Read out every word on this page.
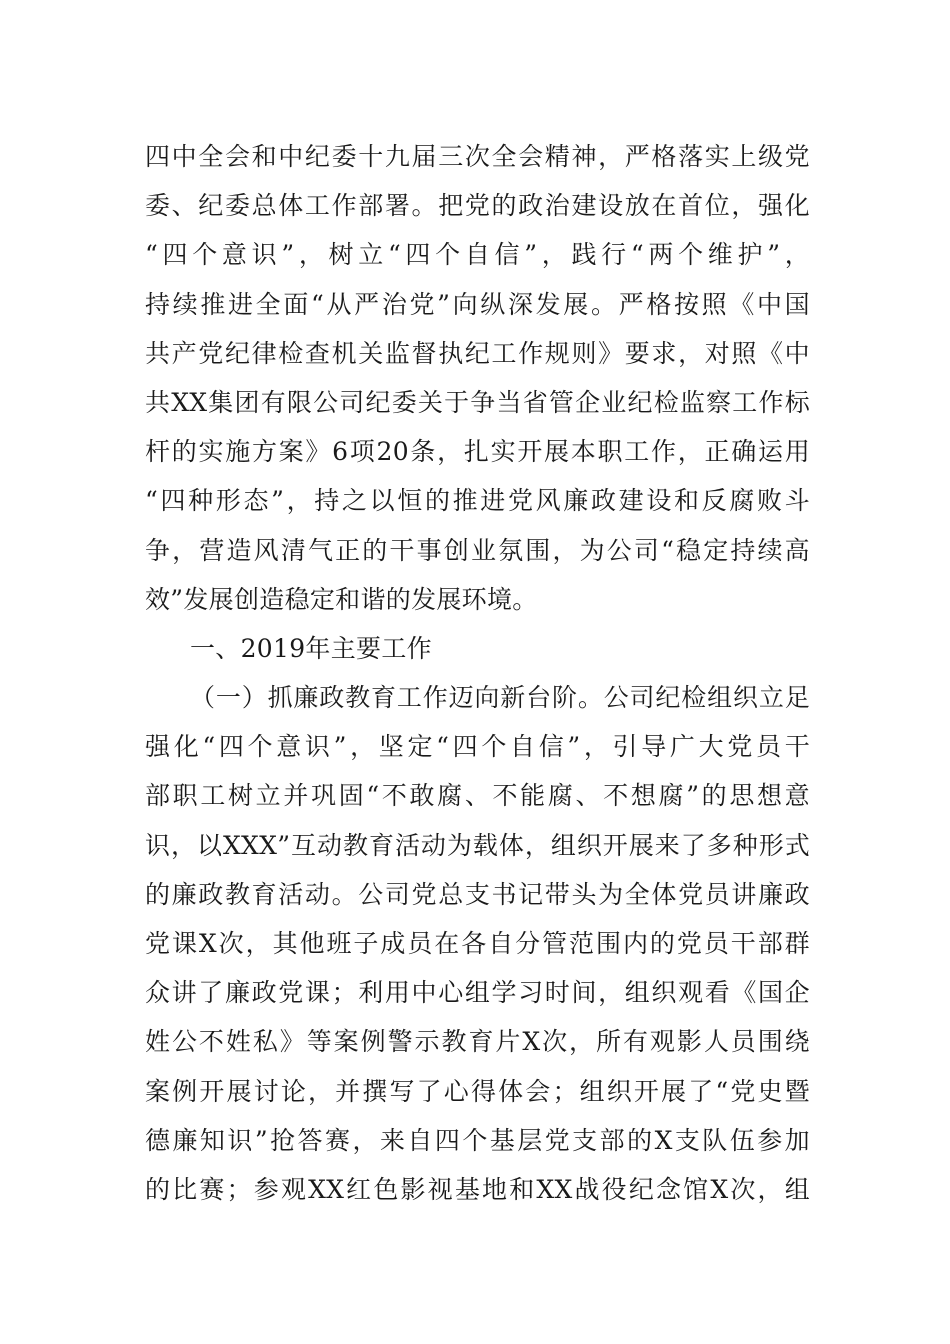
四中全会和中纪委十九届三次全会精神，严格落实上级党
委、纪委总体工作部署。把党的政治建设放在首位，强化
“四个意识”，树立“四个自信”，践行“两个维护”，
持续推进全面“从严治党”向纵深发展。严格按照《中国
共产党纪律检查机关监督执纪工作规则》要求，对照《中
共XX集团有限公司纪委关于争当省管企业纪检监察工作标
杆的实施方案》6项20条，扎实开展本职工作，正确运用
“四种形态”，持之以恒的推进党风廉政建设和反腐败斗
争，营造风清气正的干事创业氛围，为公司“稳定持续高
效”发展创造稳定和谐的发展环境。
一、2019年主要工作
（一）抓廉政教育工作迈向新台阶。公司纪检组织立足
强化“四个意识”，坚定“四个自信”，引导广大党员干
部职工树立并巩固“不敢腐、不能腐、不想腐”的思想意
识，以XXX”互动教育活动为载体，组织开展来了多种形式
的廉政教育活动。公司党总支书记带头为全体党员讲廉政
党课X次，其他班子成员在各自分管范围内的党员干部群
众讲了廉政党课；利用中心组学习时间，组织观看《国企
姓公不姓私》等案例警示教育片X次，所有观影人员围绕
案例开展讨论，并撰写了心得体会；组织开展了“党史暨
德廉知识”抢答赛，来自四个基层党支部的X支队伍参加
的比赛；参观XX红色影视基地和XX战役纪念馆X次，组
